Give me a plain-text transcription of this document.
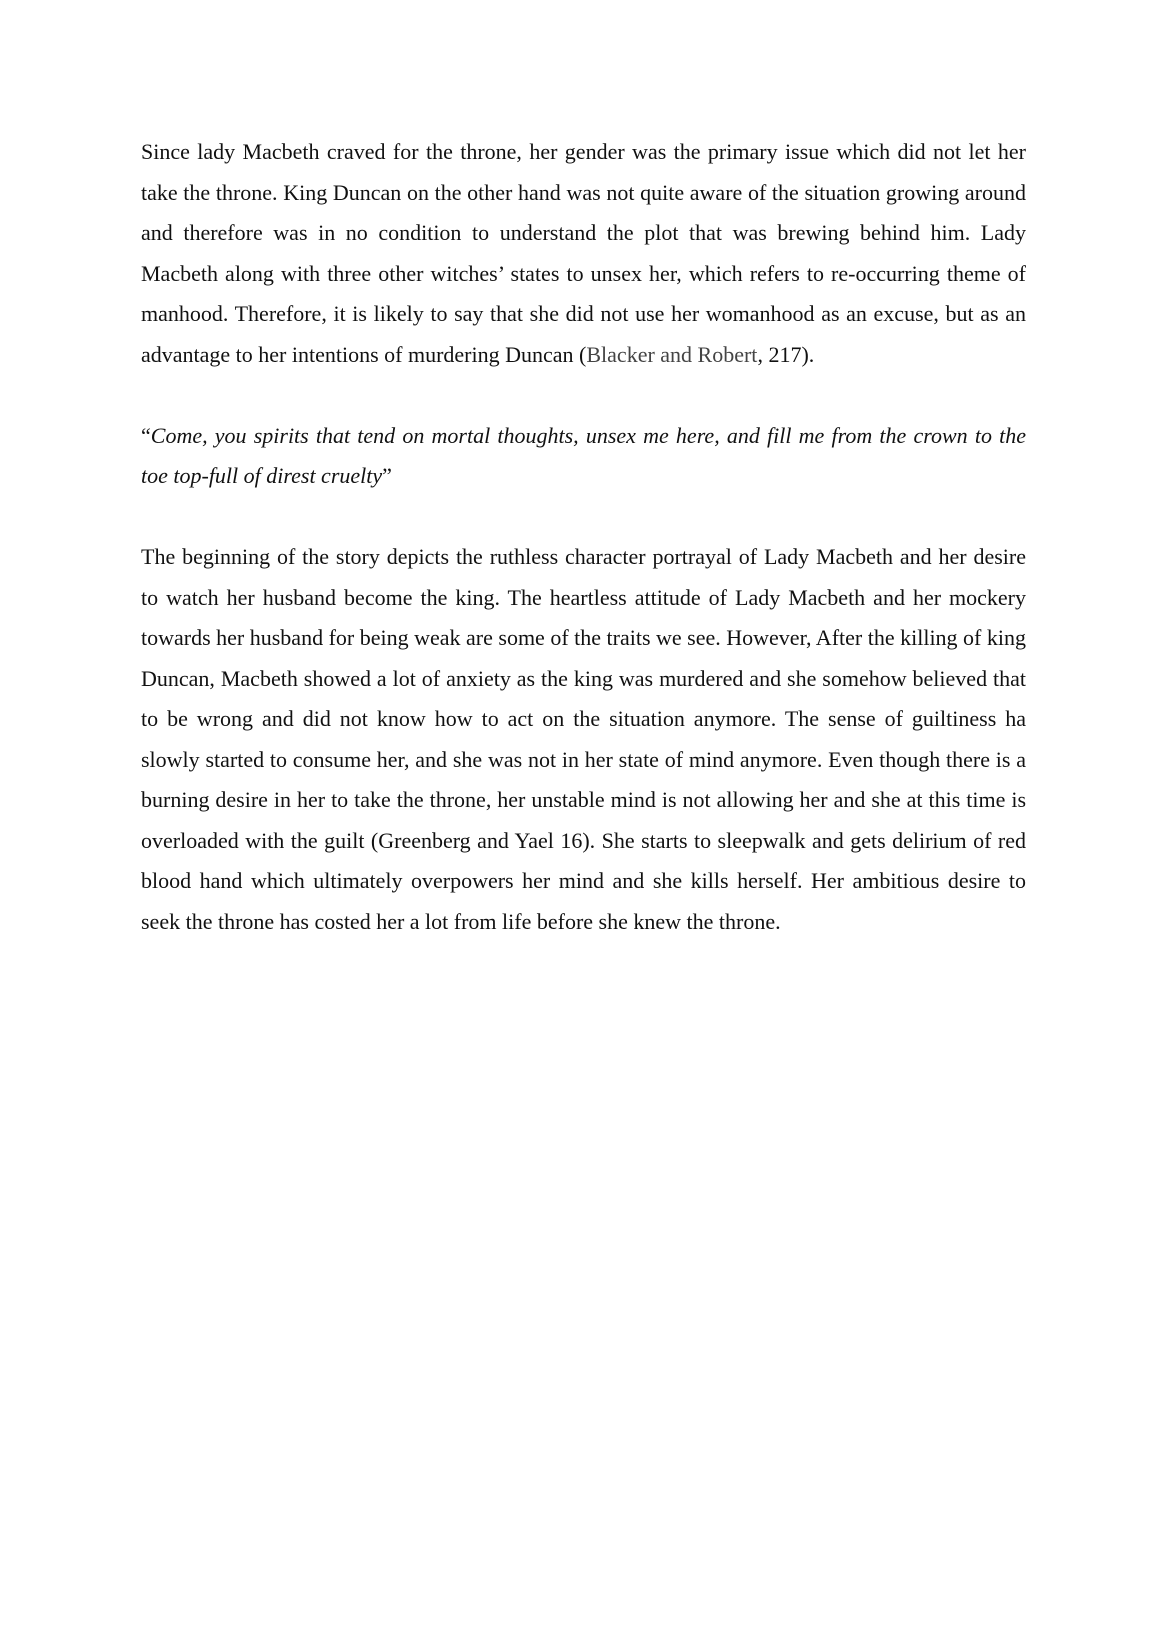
Since lady Macbeth craved for the throne, her gender was the primary issue which did not let her take the throne. King Duncan on the other hand was not quite aware of the situation growing around and therefore was in no condition to understand the plot that was brewing behind him. Lady Macbeth along with three other witches’ states to unsex her, which refers to re-occurring theme of manhood. Therefore, it is likely to say that she did not use her womanhood as an excuse, but as an advantage to her intentions of murdering Duncan (Blacker and Robert, 217).

“Come, you spirits that tend on mortal thoughts, unsex me here, and fill me from the crown to the toe top-full of direst cruelty”

The beginning of the story depicts the ruthless character portrayal of Lady Macbeth and her desire to watch her husband become the king. The heartless attitude of Lady Macbeth and her mockery towards her husband for being weak are some of the traits we see. However, After the killing of king Duncan, Macbeth showed a lot of anxiety as the king was murdered and she somehow believed that to be wrong and did not know how to act on the situation anymore. The sense of guiltiness ha slowly started to consume her, and she was not in her state of mind anymore. Even though there is a burning desire in her to take the throne, her unstable mind is not allowing her and she at this time is overloaded with the guilt (Greenberg and Yael 16). She starts to sleepwalk and gets delirium of red blood hand which ultimately overpowers her mind and she kills herself. Her ambitious desire to seek the throne has costed her a lot from life before she knew the throne.
